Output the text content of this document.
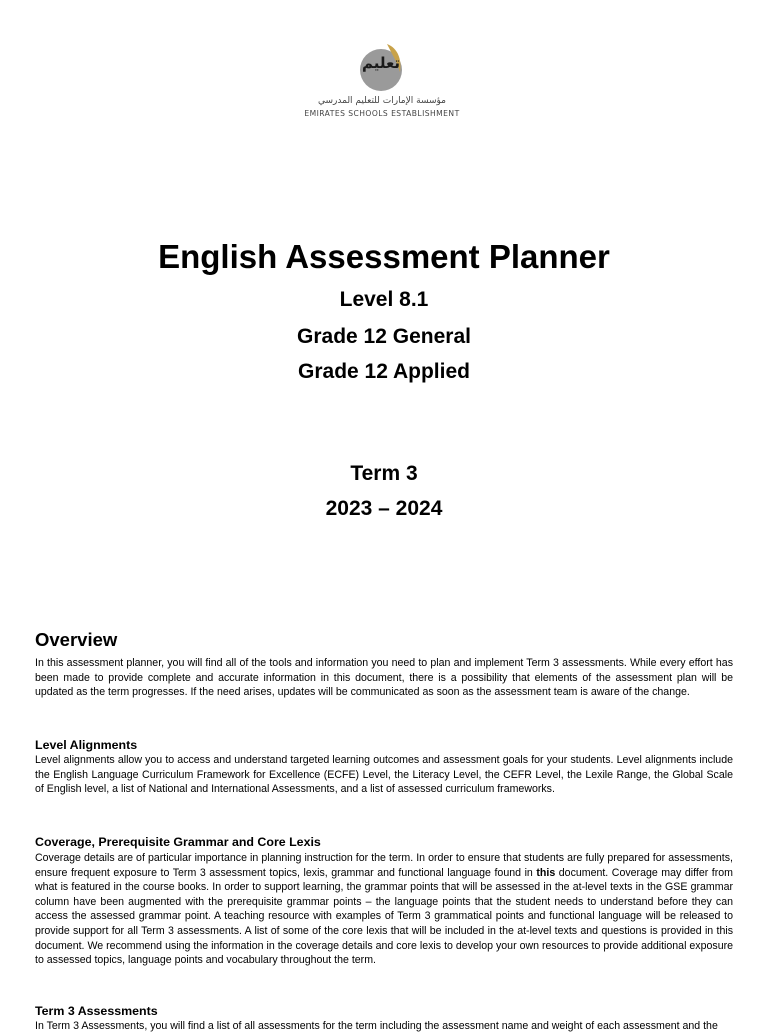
تعليم
مؤسسة الإمارات للتعليم المدرسي
EMIRATES SCHOOLS ESTABLISHMENT
English Assessment Planner
Level 8.1
Grade 12 General
Grade 12 Applied
Term 3
2023 – 2024
Overview

In this assessment planner, you will find all of the tools and information you need to plan and implement Term 3 assessments. While every effort has been made to provide complete and accurate information in this document, there is a possibility that elements of the assessment plan will be updated as the term progresses. If the need arises, updates will be communicated as soon as the assessment team is aware of the change.

Level Alignments

Level alignments allow you to access and understand targeted learning outcomes and assessment goals for your students. Level alignments include the English Language Curriculum Framework for Excellence (ECFE) Level, the Literacy Level, the CEFR Level, the Lexile Range, the Global Scale of English level, a list of National and International Assessments, and a list of assessed curriculum frameworks.

Coverage, Prerequisite Grammar and Core Lexis

Coverage details are of particular importance in planning instruction for the term. In order to ensure that students are fully prepared for assessments, ensure frequent exposure to Term 3 assessment topics, lexis, grammar and functional language found in this document. Coverage may differ from what is featured in the course books. In order to support learning, the grammar points that will be assessed in the at-level texts in the GSE grammar column have been augmented with the prerequisite grammar points – the language points that the student needs to understand before they can access the assessed grammar point. A teaching resource with examples of Term 3 grammatical points and functional language will be released to provide support for all Term 3 assessments. A list of some of the core lexis that will be included in the at-level texts and questions is provided in this document. We recommend using the information in the coverage details and core lexis to develop your own resources to provide additional exposure to assessed topics, language points and vocabulary throughout the term.

Term 3 Assessments

In Term 3 Assessments, you will find a list of all assessments for the term including the assessment name and weight of each assessment and the
